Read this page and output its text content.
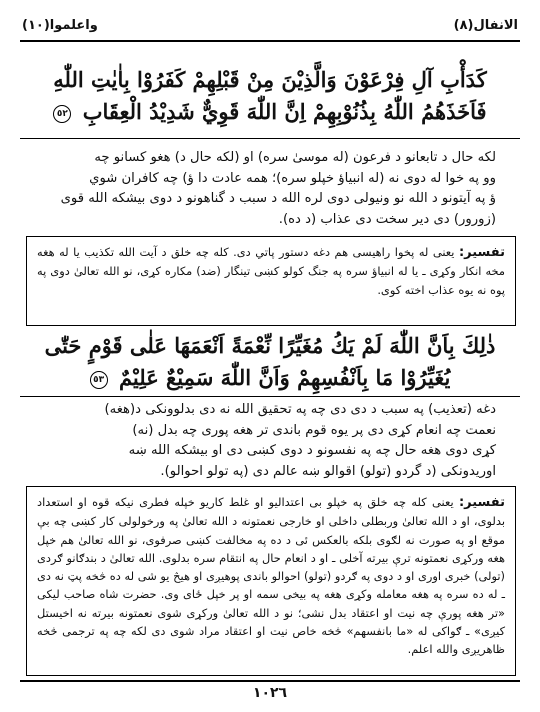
واعلموا(١٠)	الانفال(٨)
كَدَأْبِ آلِ فِرْعَوْنَ وَالَّذِيْنَ مِنْ قَبْلِهِمْ كَفَرُوْا بِاٰيٰتِ اللّٰهِ فَاَخَذَهُمُ اللّٰهُ بِذُنُوْبِهِمْ اِنَّ اللّٰهَ قَوِيٌّ شَدِيْدُ الْعِقَابِ ٥٢

لكه حال د تابعانو د فرعون (له موسىٰ سره) او (لكه حال د) هغو كسانو چه

وو په خوا له دوى نه (له انبياؤ خپلو سره)؛ همه عادت دا ؤ) چه كافران شوي

ؤ په آيتونو د الله نو ونيولى دوى لره الله د سبب د گناهونو د دوى بيشكه الله قوى

(زورور) دى دير سخت دى عذاب (د ده).

تفسير: يعنى له پخوا راهيسى هم دغه دستور پاتي دى. كله چه خلق د آيت الله تكذيب يا له هغه مخه انكار وكړى ـ يا له انبياؤ سره په جنگ كولو كښى تينگار (ضد) مكاره كړى، نو الله تعالىٰ دوى په پوه نه يوه عذاب اخته كوى.
ذٰلِكَ بِاَنَّ اللّٰهَ لَمْ يَكُ مُغَيِّرًا نِّعْمَةً اَنْعَمَهَا عَلٰى قَوْمٍ حَتّٰى يُغَيِّرُوْا مَا بِاَنْفُسِهِمْ وَاَنَّ اللّٰهَ سَمِيْعٌ عَلِيْمٌ ٥٣

دغه (تعذيب) په سبب د دى دى چه په تحقيق الله نه دى بدلوونكى د(هغه)

نعمت چه انعام كړى دى پر يوه قوم باندى تر هغه پورى چه بدل (نه)

كړى دوى هغه حال چه په نفسونو د دوى كښى دى او بيشكه الله ښه

اوريدونكى (د گردو (تولو) اقوالو ښه عالم دى (په تولو احوالو).

تفسير: يعنى كله چه خلق په خپلو بى اعتداليو او غلط كاريو خپله فطرى نيكه قوه او استعداد بدلوى، او د الله تعالىٰ وربطلى داخلى او خارجى نعمتونه د الله تعالىٰ په ورخولولى كار كښى چه بې موقع او په صورت نه لګوى بلكه بالعكس ئى د ده په مخالفت كښى صرفوى، نو الله تعالىٰ هم خپل هغه وركړى نعمتونه ترې بيرته آخلى ـ او د انعام حال په انتقام سره بدلوى. الله تعالىٰ د بندګانو ګردى (تولى) خبرى اورى او د دوى په ګردو (تولو) احوالو باندى پوهيږى او هيڅ يو شى له ده څخه پټ نه دى ـ له ده سره په هغه معامله وكړى هغه په بيخى سمه او پر خپل ځاى وى. حضرت شاه صاحب ليكى «تر هغه پورې چه نيت او اعتقاد بدل نشى؛ نو د الله تعالىٰ وركړى شوى نعمتونه بيرته نه اخيستل كيږى» ـ ګواكى له «ما بانفسهم» څخه خاص نيت او اعتقاد مراد شوى دى لكه چه په ترجمى څخه ظاهريږى والله اعلم.
١٠٢٦
